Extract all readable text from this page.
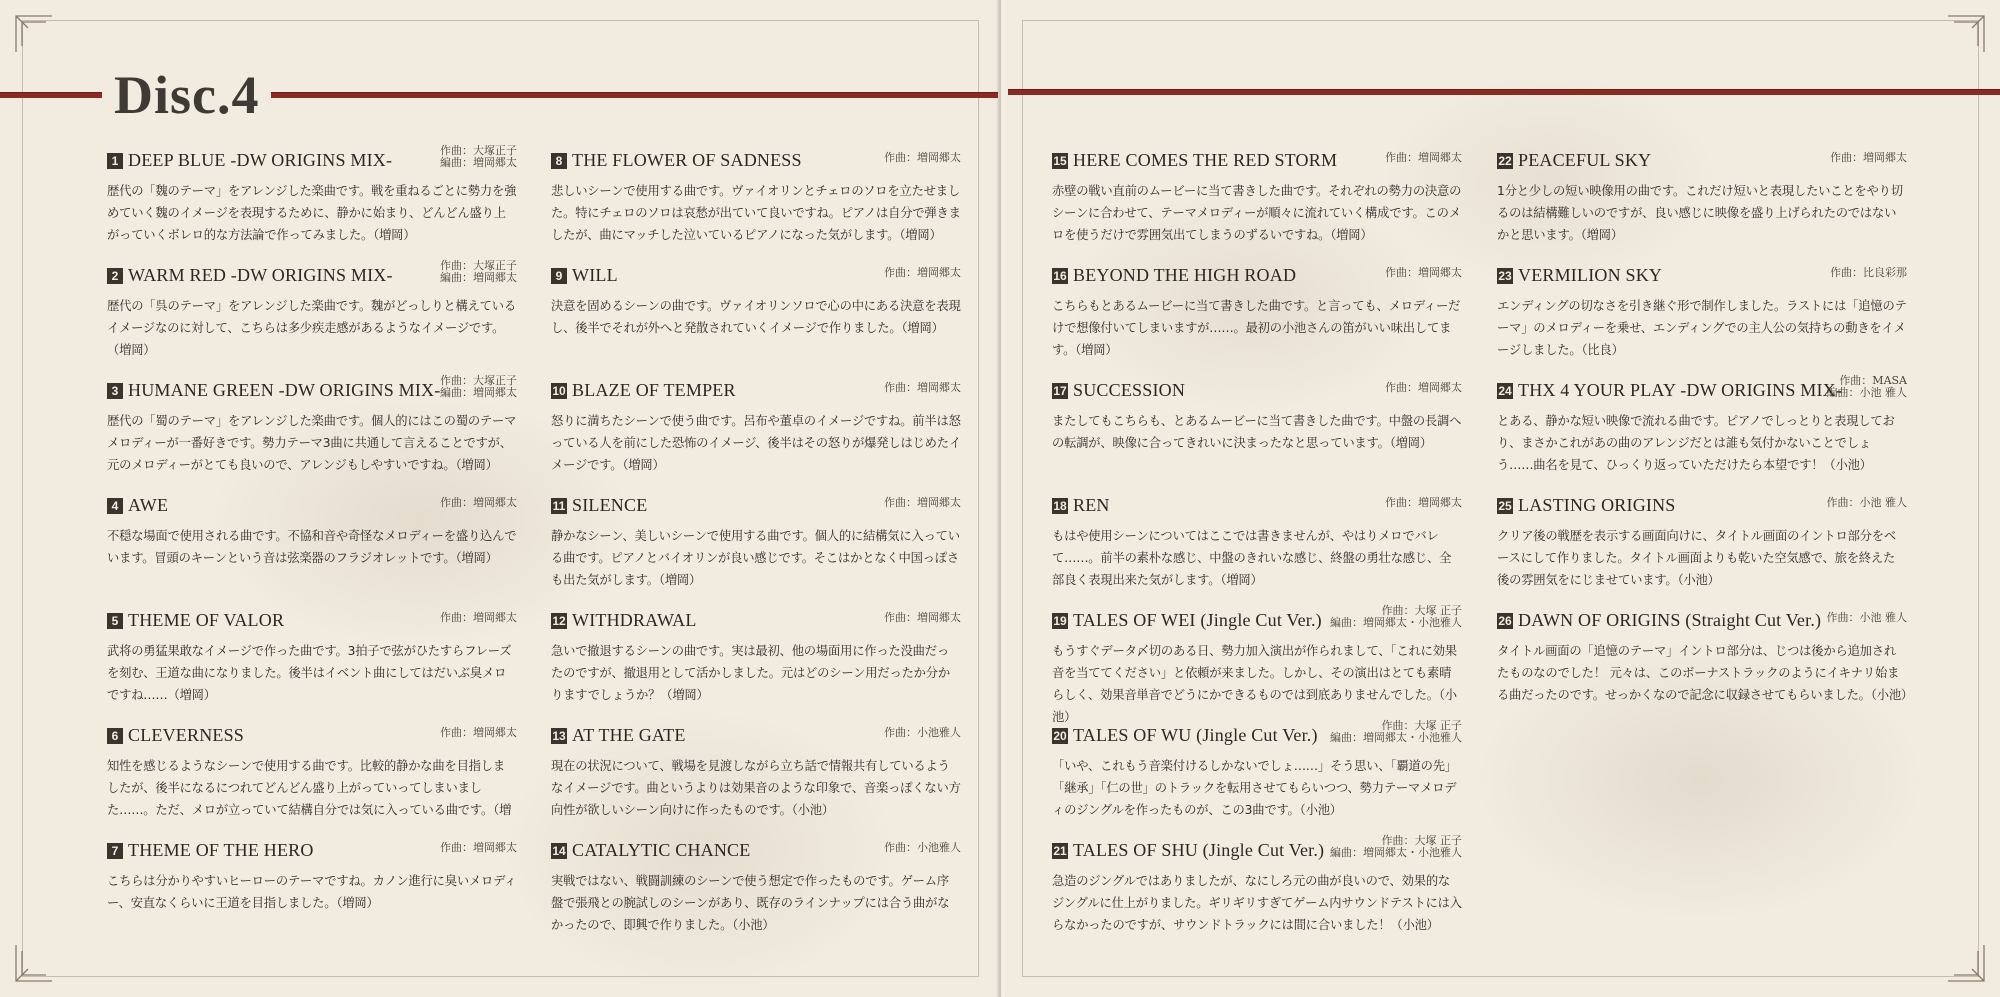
Disc.4
1 DEEP BLUE -DW ORIGINS MIX-	作曲：大塚正子
編曲：増岡郷太
歴代の「魏のテーマ」をアレンジした楽曲です。戦を重ねるごとに勢力を強めていく魏のイメージを表現するために、静かに始まり、どんどん盛り上がっていくボレロ的な方法論で作ってみました。（増岡）
2 WARM RED -DW ORIGINS MIX-	作曲：大塚正子
編曲：増岡郷太
歴代の「呉のテーマ」をアレンジした楽曲です。魏がどっしりと構えているイメージなのに対して、こちらは多少疾走感があるようなイメージです。（増岡）
3 HUMANE GREEN -DW ORIGINS MIX- 作曲：大塚正子
編曲：増岡郷太
歴代の「蜀のテーマ」をアレンジした楽曲です。個人的にはこの蜀のテーマメロディーが一番好きです。勢力テーマ3曲に共通して言えることですが、元のメロディーがとても良いので、アレンジもしやすいですね。（増岡）
4 AWE	作曲：増岡郷太
不穏な場面で使用される曲です。不協和音や奇怪なメロディーを盛り込んでいます。冒頭のキーンという音は弦楽器のフラジオレットです。（増岡）
5 THEME OF VALOR	作曲：増岡郷太
武将の勇猛果敢なイメージで作った曲です。3拍子で弦がひたすらフレーズを刻む、王道な曲になりました。後半はイベント曲にしてはだいぶ臭メロですね……（増岡）
6 CLEVERNESS	作曲：増岡郷太
知性を感じるようなシーンで使用する曲です。比較的静かな曲を目指しましたが、後半になるにつれてどんどん盛り上がっていってしまいました……。ただ、メロが立っていて結構自分では気に入っている曲です。（増
7 THEME OF THE HERO	作曲：増岡郷太
こちらは分かりやすいヒーローのテーマですね。カノン進行に臭いメロディー、安直なくらいに王道を目指しました。（増岡）
8 THE FLOWER OF SADNESS	作曲：増岡郷太
悲しいシーンで使用する曲です。ヴァイオリンとチェロのソロを立たせました。特にチェロのソロは哀愁が出ていて良いですね。ピアノは自分で弾きましたが、曲にマッチした泣いているピアノになった気がします。（増岡）
9 WILL	作曲：増岡郷太
決意を固めるシーンの曲です。ヴァイオリンソロで心の中にある決意を表現し、後半でそれが外へと発散されていくイメージで作りました。（増岡）
10 BLAZE OF TEMPER	作曲：増岡郷太
怒りに満ちたシーンで使う曲です。呂布や董卓のイメージですね。前半は怒っている人を前にした恐怖のイメージ、後半はその怒りが爆発しはじめたイメージです。（増岡）
11 SILENCE	作曲：増岡郷太
静かなシーン、美しいシーンで使用する曲です。個人的に結構気に入っている曲です。ピアノとバイオリンが良い感じです。そこはかとなく中国っぽさも出た気がします。（増岡）
12 WITHDRAWAL	作曲：増岡郷太
急いで撤退するシーンの曲です。実は最初、他の場面用に作った没曲だったのですが、撤退用として活かしました。元はどのシーン用だったか分かりますでしょうか？（増岡）
13 AT THE GATE	作曲：小池雅人
現在の状況について、戦場を見渡しながら立ち話で情報共有しているようなイメージです。曲というよりは効果音のような印象で、音楽っぽくない方向性が欲しいシーン向けに作ったものです。（小池）
14 CATALYTIC CHANCE	作曲：小池雅人
実戦ではない、戦闘訓練のシーンで使う想定で作ったものです。ゲーム序盤で張飛との腕試しのシーンがあり、既存のラインナップには合う曲がなかったので、即興で作りました。（小池）
15 HERE COMES THE RED STORM	作曲：増岡郷太
赤壁の戦い直前のムービーに当て書きした曲です。それぞれの勢力の決意のシーンに合わせて、テーマメロディーが順々に流れていく構成です。このメロを使うだけで雰囲気出てしまうのずるいですね。（増岡）
16 BEYOND THE HIGH ROAD	作曲：増岡郷太
こちらもとあるムービーに当て書きした曲です。と言っても、メロディーだけで想像付いてしまいますが……。最初の小池さんの笛がいい味出してます。（増岡）
17 SUCCESSION	作曲：増岡郷太
またしてもこちらも、とあるムービーに当て書きした曲です。中盤の長調への転調が、映像に合ってきれいに決まったなと思っています。（増岡）
18 REN	作曲：増岡郷太
もはや使用シーンについてはここでは書きませんが、やはりメロでバレて……。前半の素朴な感じ、中盤のきれいな感じ、終盤の勇壮な感じ、全部良く表現出来た気がします。（増岡）
19 TALES OF WEI (Jingle Cut Ver.)	作曲：大塚 正子
編曲：増岡郷太・小池雅人
もうすぐデータ〆切のある日、勢力加入演出が作られまして、「これに効果音を当ててください」と依頼が来ました。しかし、その演出はとても素晴らしく、効果音単音でどうにかできるものでは到底ありませんでした。（小池）
20 TALES OF WU (Jingle Cut Ver.)	作曲：大塚 正子
編曲：増岡郷太・小池雅人
「いや、これもう音楽付けるしかないでしょ……」そう思い、「覇道の先」「継承」「仁の世」のトラックを転用させてもらいつつ、勢力テーマメロディのジングルを作ったものが、この3曲です。（小池）
21 TALES OF SHU (Jingle Cut Ver.)	作曲：大塚 正子
編曲：増岡郷太・小池雅人
急造のジングルではありましたが、なにしろ元の曲が良いので、効果的なジングルに仕上がりました。ギリギリすぎてゲーム内サウンドテストには入らなかったのですが、サウンドトラックには間に合いました！（小池）
22 PEACEFUL SKY	作曲：増岡郷太
1分と少しの短い映像用の曲です。これだけ短いと表現したいことをやり切るのは結構難しいのですが、良い感じに映像を盛り上げられたのではないかと思います。（増岡）
23 VERMILION SKY	作曲：比良彩那
エンディングの切なさを引き継ぐ形で制作しました。ラストには「追憶のテーマ」のメロディーを乗せ、エンディングでの主人公の気持ちの動きをイメージしました。（比良）
24 THX 4 YOUR PLAY -DW ORIGINS MIX-
作曲：MASA
編曲：小池 雅人
とある、静かな短い映像で流れる曲です。ピアノでしっとりと表現しており、まさかこれがあの曲のアレンジだとは誰も気付かないことでしょう……曲名を見て、ひっくり返っていただけたら本望です！（小池）
25 LASTING ORIGINS	作曲：小池 雅人
クリア後の戦歴を表示する画面向けに、タイトル画面のイントロ部分をベースにして作りました。タイトル画面よりも乾いた空気感で、旅を終えた後の雰囲気をにじませています。（小池）
26 DAWN OF ORIGINS (Straight Cut Ver.) 作曲：小池 雅人
タイトル画面の「追憶のテーマ」イントロ部分は、じつは後から追加されたものなのでした！ 元々は、このボーナストラックのようにイキナリ始まる曲だったのです。せっかくなので記念に収録させてもらいました。（小池）
